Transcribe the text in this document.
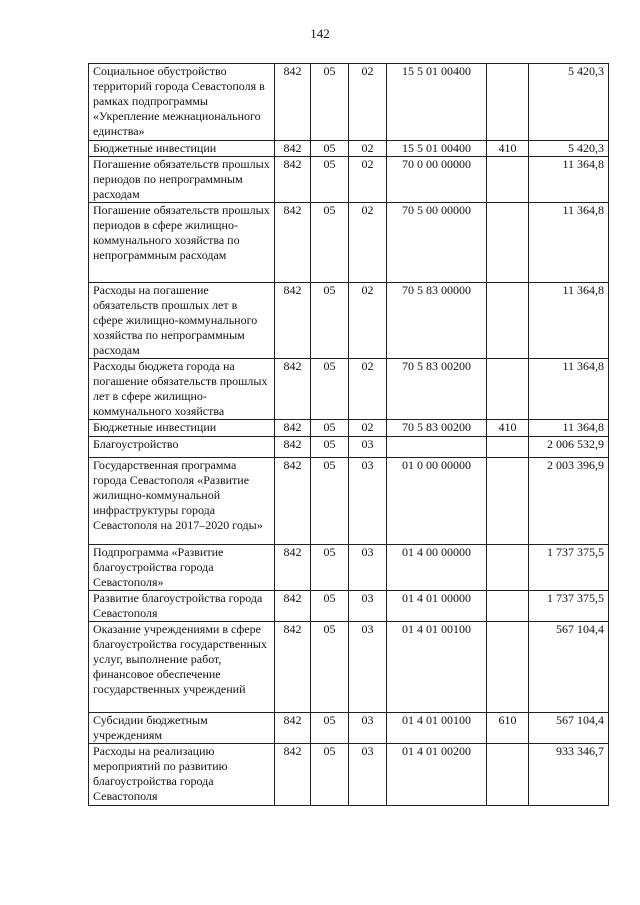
142
Социальное обустройство территорий города Севастополя в рамках подпрограммы «Укрепление межнационального единства»	842	05	02	15 5 01 00400		5 420,3
Бюджетные инвестиции	842	05	02	15 5 01 00400	410	5 420,3
Погашение обязательств прошлых периодов по непрограммным расходам	842	05	02	70 0 00 00000		11 364,8
Погашение обязательств прошлых периодов в сфере жилищно-коммунального хозяйства по непрограммным расходам	842	05	02	70 5 00 00000		11 364,8
Расходы на погашение обязательств прошлых лет в сфере жилищно-коммунального хозяйства по непрограммным расходам	842	05	02	70 5 83 00000		11 364,8
Расходы бюджета города на погашение обязательств прошлых лет в сфере жилищно-коммунального хозяйства	842	05	02	70 5 83 00200		11 364,8
Бюджетные инвестиции	842	05	02	70 5 83 00200	410	11 364,8
Благоустройство	842	05	03			2 006 532,9
Государственная программа города Севастополя «Развитие жилищно-коммунальной инфраструктуры города Севастополя на 2017–2020 годы»	842	05	03	01 0 00 00000		2 003 396,9
Подпрограмма «Развитие благоустройства города Севастополя»	842	05	03	01 4 00 00000		1 737 375,5
Развитие благоустройства города Севастополя	842	05	03	01 4 01 00000		1 737 375,5
Оказание учреждениями в сфере благоустройства государственных услуг, выполнение работ, финансовое обеспечение государственных учреждений	842	05	03	01 4 01 00100		567 104,4
Субсидии бюджетным учреждениям	842	05	03	01 4 01 00100	610	567 104,4
Расходы на реализацию мероприятий по развитию благоустройства города Севастополя	842	05	03	01 4 01 00200		933 346,7
